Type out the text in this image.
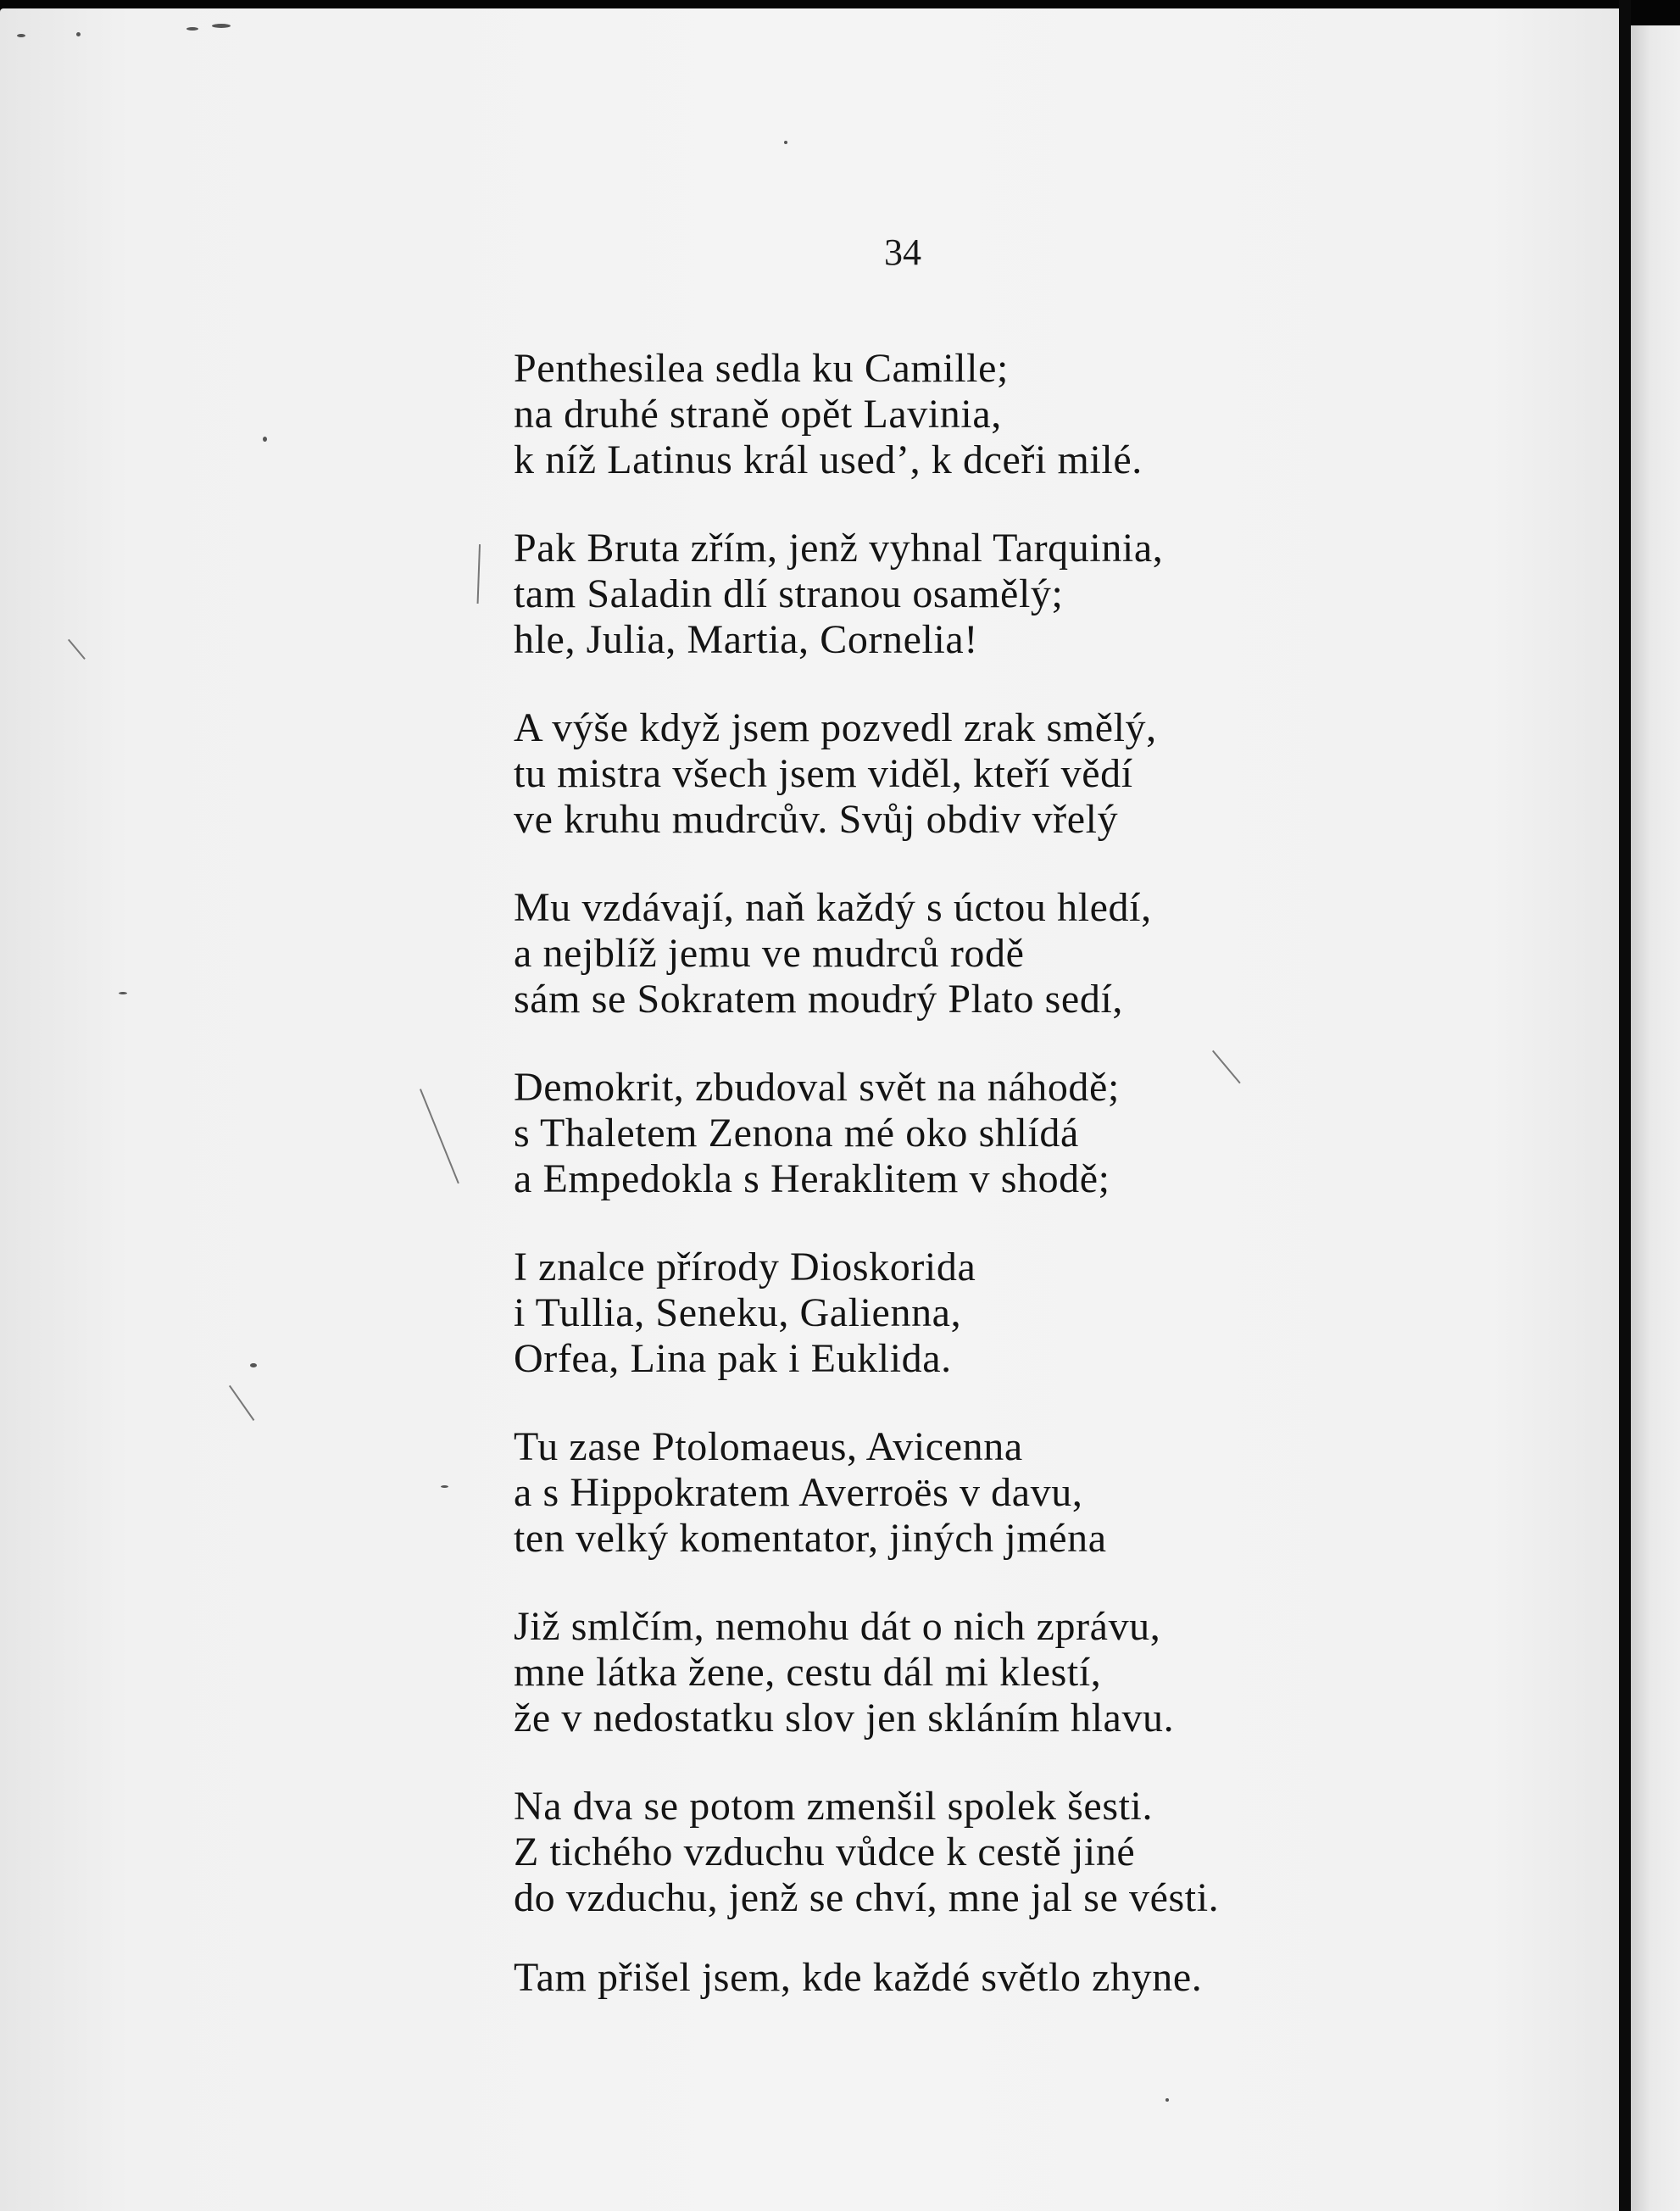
34
Penthesilea sedla ku Camille;
na druhé straně opět Lavinia,
k níž Latinus král used’, k dceři milé.
Pak Bruta zřím, jenž vyhnal Tarquinia,
tam Saladin dlí stranou osamělý;
hle, Julia, Martia, Cornelia!
A výše když jsem pozvedl zrak smělý,
tu mistra všech jsem viděl, kteří vědí
ve kruhu mudrcův. Svůj obdiv vřelý
Mu vzdávají, naň každý s úctou hledí,
a nejblíž jemu ve mudrců rodě
sám se Sokratem moudrý Plato sedí,
Demokrit, zbudoval svět na náhodě;
s Thaletem Zenona mé oko shlídá
a Empedokla s Heraklitem v shodě;
I znalce přírody Dioskorida
i Tullia, Seneku, Galienna,
Orfea, Lina pak i Euklida.
Tu zase Ptolomaeus, Avicenna
a s Hippokratem Averroës v davu,
ten velký komentator, jiných jména
Již smlčím, nemohu dát o nich zprávu,
mne látka žene, cestu dál mi klestí,
že v nedostatku slov jen skláním hlavu.
Na dva se potom zmenšil spolek šesti.
Z tichého vzduchu vůdce k cestě jiné
do vzduchu, jenž se chví, mne jal se vésti.
Tam přišel jsem, kde každé světlo zhyne.
